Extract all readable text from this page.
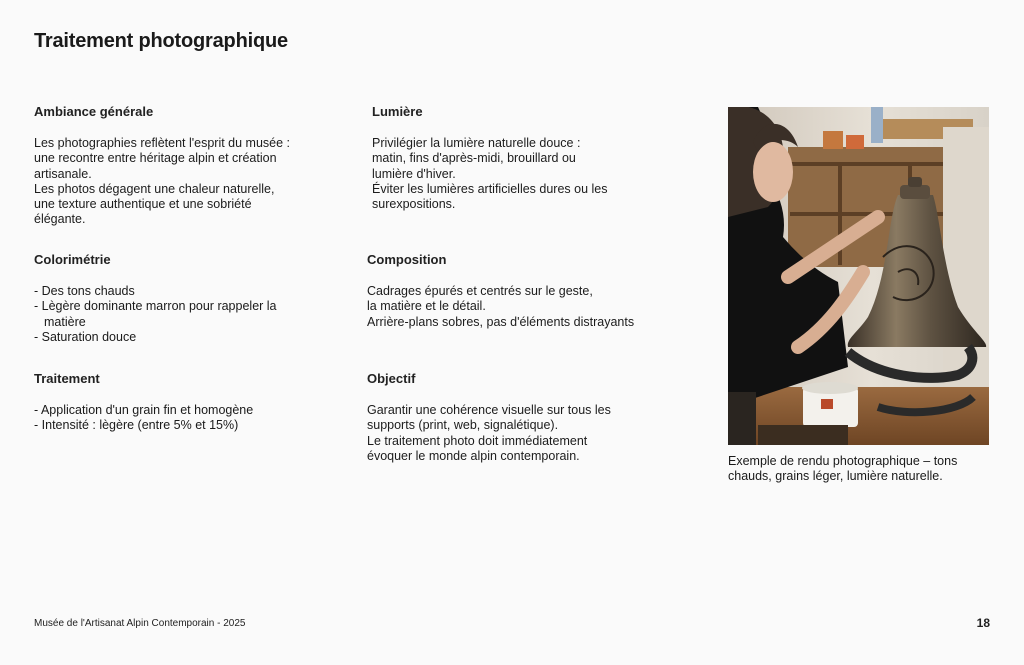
Traitement photographique
Ambiance générale

Les photographies reflètent l'esprit du musée :
une recontre entre héritage alpin et création
artisanale.
Les photos dégagent une chaleur naturelle,
une texture authentique et une sobriété
élégante.

Lumière

Privilégier la lumière naturelle douce :
matin, fins d'après-midi, brouillard ou
lumière d'hiver.
Éviter les lumières artificielles dures ou les
surexpositions.

Colorimétrie
- Des tons chauds
- Lègère dominante marron pour rappeler la matière
- Saturation douce
Composition

Cadrages épurés et centrés sur le geste,
la matière et le détail.
Arrière-plans sobres, pas d'éléments distrayants

Traitement
- Application d'un grain fin et homogène
- Intensité : lègère (entre 5% et 15%)
Objectif

Garantir une cohérence visuelle sur tous les
supports (print, web, signalétique).
Le traitement photo doit immédiatement
évoquer le monde alpin contemporain.	Exemple de rendu photographique – tons chauds, grains léger, lumière naturelle.

Musée de l'Artisanat Alpin Contemporain - 2025	18
